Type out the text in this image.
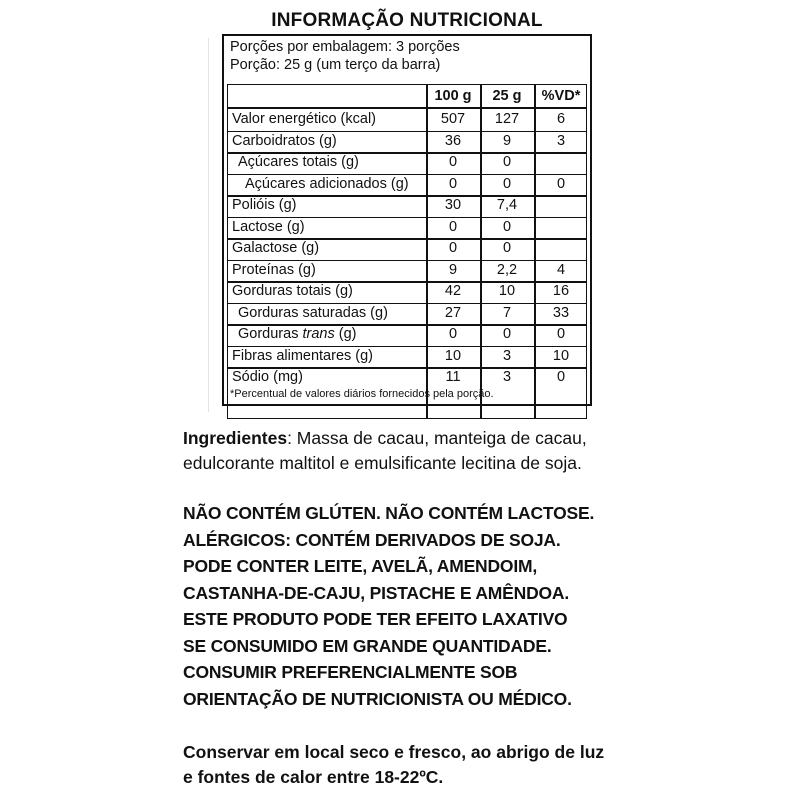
INFORMAÇÃO NUTRICIONAL
Porções por embalagem: 3 porções
Porção: 25 g (um terço da barra)
100 g	25 g	%VD*
Valor energético (kcal)	507	127	6
Carboidratos (g)	36	9	3
Açúcares totais (g)	0	0
Açúcares adicionados (g)	0	0	0
Polióis (g)	30	7,4
Lactose (g)	0	0
Galactose (g)	0	0
Proteínas (g)	9	2,2	4
Gorduras totais (g)	42	10	16
Gorduras saturadas (g)	27	7	33
Gorduras trans (g)	0	0	0
Fibras alimentares (g)	10	3	10
Sódio (mg)	11	3	0
*Percentual de valores diários fornecidos pela porção.
Ingredientes: Massa de cacau, manteiga de cacau,
edulcorante maltitol e emulsificante lecitina de soja.
NÃO CONTÉM GLÚTEN. NÃO CONTÉM LACTOSE.
ALÉRGICOS: CONTÉM DERIVADOS DE SOJA.
PODE CONTER LEITE, AVELÃ, AMENDOIM,
CASTANHA-DE-CAJU, PISTACHE E AMÊNDOA.
ESTE PRODUTO PODE TER EFEITO LAXATIVO
SE CONSUMIDO EM GRANDE QUANTIDADE.
CONSUMIR PREFERENCIALMENTE SOB
ORIENTAÇÃO DE NUTRICIONISTA OU MÉDICO.
Conservar em local seco e fresco, ao abrigo de luz
e fontes de calor entre 18-22ºC.
